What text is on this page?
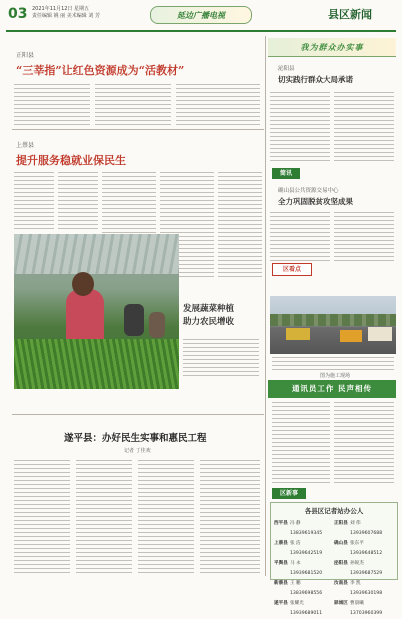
03 2021年11月12日 星期五
责任编辑 姚 丽 美术编辑 刘 芳	延边广播电视	县区新闻
正阳县
“三莘指”让红色资源成为“活教材”
上蔡县
提升服务稳就业保民生
发展蔬菜种植
助力农民增收
遂平县：办好民生实事和惠民工程
记者 丁佳欢
我为群众办实事
泌阳县
切实践行群众大局承诺
简讯
确山县公共资源交易中心
全力巩固脱贫攻坚成果
区看点
图为施工现场
通讯员工作 民声相传
区新事
各县区记者站办公人
西平县 冯 静 13839619345
正阳县 刘 伟 13939607688
上蔡县 张 洁 13939642519
确山县 张东平 13939648512
平舆县 马 永 13939681520
泌阳县 孙锐杰 13939687529
新蔡县 王 鹏 13839698556
汝南县 李 凯 13939630198
遂平县 张耀光 13939689011
驿城区 曹晨曦 13703960399
